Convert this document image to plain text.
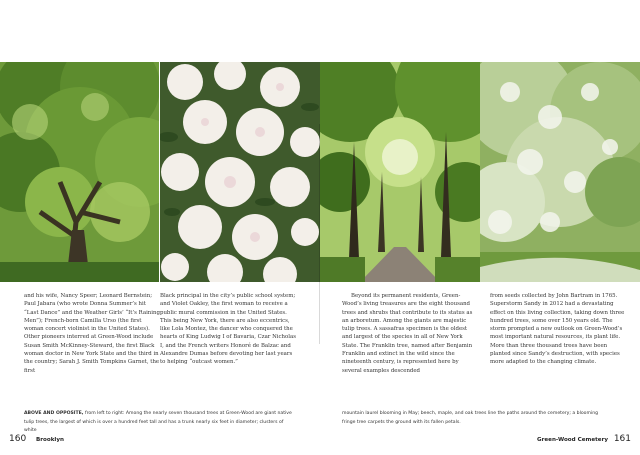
and his wife, Nancy Speer; Leonard Bernstein; Paul Jabara (who wrote Donna Summer’s hit “Last Dance” and the Weather Girls’ “It’s Raining Men”); French-born Camilla Urso (the first woman concert violinist in the United States). Other pioneers interred at Green-Wood include Susan Smith McKinney-Steward, the first Black woman doctor in New York State and the third in the country; Sarah J. Smith Tompkins Garnet, the first

Black principal in the city’s public school system; and Violet Oakley, the first woman to receive a public mural commission in the United States. This being New York, there are also eccentrics, like Lola Montez, the dancer who conquered the hearts of King Ludwig I of Bavaria, Czar Nicholas I, and the French writers Honoré de Balzac and Alexandre Dumas before devoting her last years to helping “outcast women.”

Beyond its permanent residents, Green-Wood’s living treasures are the eight thousand trees and shrubs that contribute to its status as an arboretum. Among the giants are majestic tulip trees. A sassafras specimen is the oldest and largest of the species in all of New York State. The Franklin tree, named after Benjamin Franklin and extinct in the wild since the nineteenth century, is represented here by several examples descended

from seeds collected by John Bartram in 1765. Superstorm Sandy in 2012 had a devastating effect on this living collection, taking down three hundred trees, some over 150 years old. The storm prompted a new outlook on Green-Wood’s most important natural resources, its plant life. More than three thousand trees have been planted since Sandy’s destruction, with species more adapted to the changing climate.

ABOVE AND OPPOSITE, from left to right: Among the nearly seven thousand trees at Green-Wood are giant native tulip trees, the largest of which is over a hundred feet tall and has a trunk nearly six feet in diameter; clusters of white
mountain laurel blooming in May; beech, maple, and oak trees line the paths around the cemetery; a blooming fringe tree carpets the ground with its fallen petals.
160 Brooklyn	Green-Wood Cemetery 161
